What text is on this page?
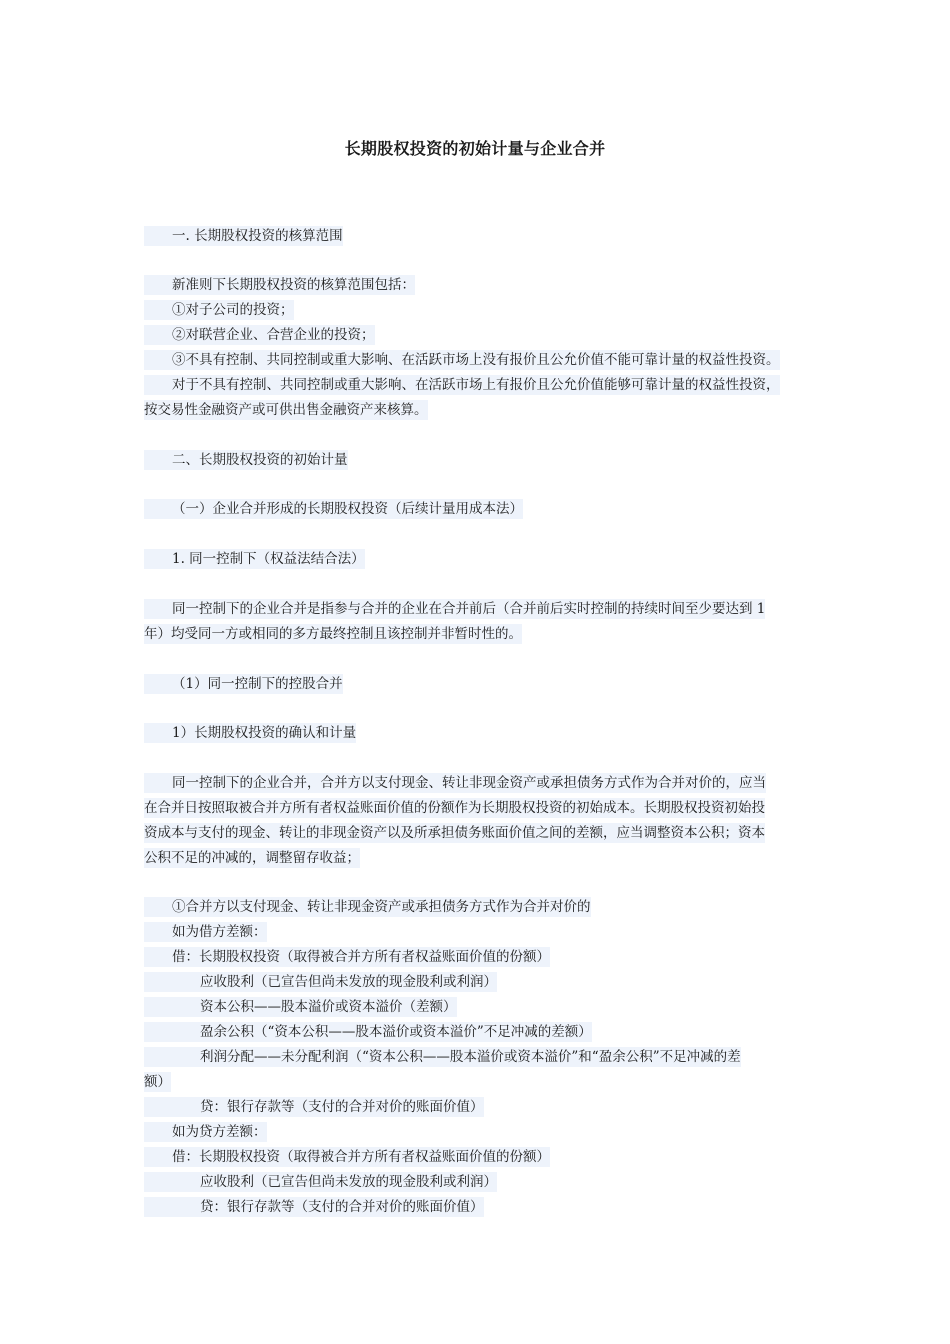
长期股权投资的初始计量与企业合并
一. 长期股权投资的核算范围
新准则下长期股权投资的核算范围包括：
①对子公司的投资；
②对联营企业、合营企业的投资；
③不具有控制、共同控制或重大影响、在活跃市场上没有报价且公允价值不能可靠计量的权益性投资。
对于不具有控制、共同控制或重大影响、在活跃市场上有报价且公允价值能够可靠计量的权益性投资，
按交易性金融资产或可供出售金融资产来核算。
二、长期股权投资的初始计量
（一）企业合并形成的长期股权投资（后续计量用成本法）
1. 同一控制下（权益法结合法）
同一控制下的企业合并是指参与合并的企业在合并前后（合并前后实时控制的持续时间至少要达到 1
年）均受同一方或相同的多方最终控制且该控制并非暂时性的。
（1）同一控制下的控股合并
1）长期股权投资的确认和计量
同一控制下的企业合并，合并方以支付现金、转让非现金资产或承担债务方式作为合并对价的，应当
在合并日按照取被合并方所有者权益账面价值的份额作为长期股权投资的初始成本。长期股权投资初始投
资成本与支付的现金、转让的非现金资产以及所承担债务账面价值之间的差额，应当调整资本公积；资本
公积不足的冲减的，调整留存收益；
①合并方以支付现金、转让非现金资产或承担债务方式作为合并对价的
如为借方差额：
借：长期股权投资（取得被合并方所有者权益账面价值的份额）
应收股利（已宣告但尚未发放的现金股利或利润）
资本公积——股本溢价或资本溢价（差额）
盈余公积（“资本公积——股本溢价或资本溢价”不足冲减的差额）
利润分配——未分配利润（“资本公积——股本溢价或资本溢价”和“盈余公积”不足冲减的差
额）
贷：银行存款等（支付的合并对价的账面价值）
如为贷方差额：
借：长期股权投资（取得被合并方所有者权益账面价值的份额）
应收股利（已宣告但尚未发放的现金股利或利润）
贷：银行存款等（支付的合并对价的账面价值）
